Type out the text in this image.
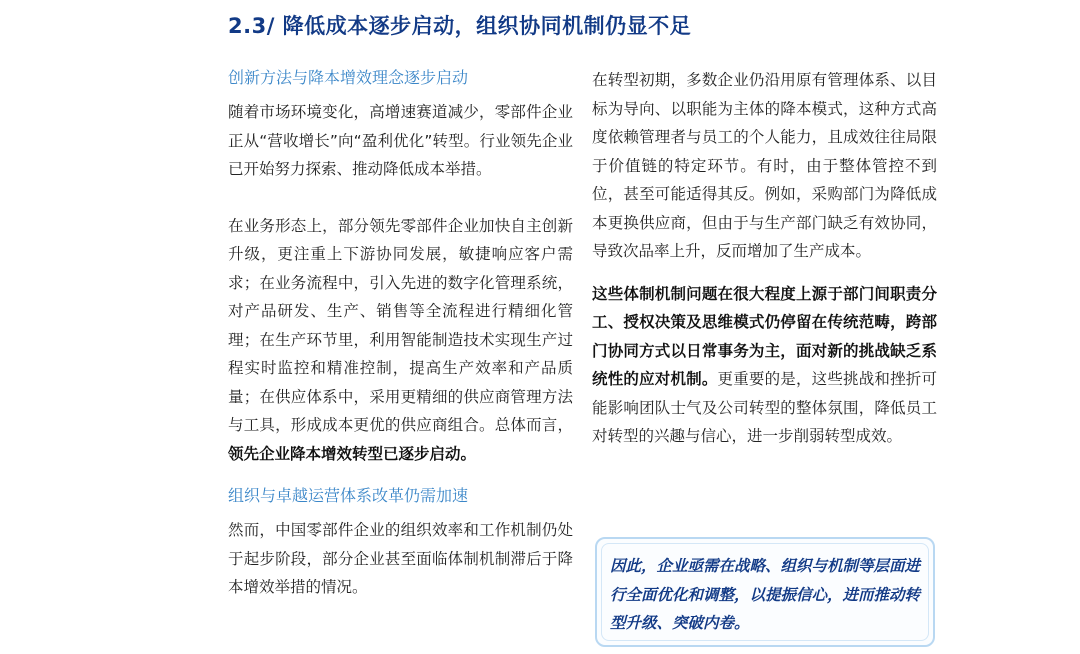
2.3/ 降低成本逐步启动，组织协同机制仍显不足
创新方法与降本增效理念逐步启动

随着市场环境变化，高增速赛道减少，零部件企业正从“营收增长”向“盈利优化”转型。行业领先企业已开始努力探索、推动降低成本举措。

在业务形态上，部分领先零部件企业加快自主创新升级，更注重上下游协同发展，敏捷响应客户需求；在业务流程中，引入先进的数字化管理系统，对产品研发、生产、销售等全流程进行精细化管理；在生产环节里，利用智能制造技术实现生产过程实时监控和精准控制，提高生产效率和产品质量；在供应体系中，采用更精细的供应商管理方法与工具，形成成本更优的供应商组合。总体而言，领先企业降本增效转型已逐步启动。

组织与卓越运营体系改革仍需加速

然而，中国零部件企业的组织效率和工作机制仍处于起步阶段，部分企业甚至面临体制机制滞后于降本增效举措的情况。

在转型初期，多数企业仍沿用原有管理体系、以目标为导向、以职能为主体的降本模式，这种方式高度依赖管理者与员工的个人能力，且成效往往局限于价值链的特定环节。有时，由于整体管控不到位，甚至可能适得其反。例如，采购部门为降低成本更换供应商，但由于与生产部门缺乏有效协同，导致次品率上升，反而增加了生产成本。

这些体制机制问题在很大程度上源于部门间职责分工、授权决策及思维模式仍停留在传统范畴，跨部门协同方式以日常事务为主，面对新的挑战缺乏系统性的应对机制。更重要的是，这些挑战和挫折可能影响团队士气及公司转型的整体氛围，降低员工对转型的兴趣与信心，进一步削弱转型成效。

因此，企业亟需在战略、组织与机制等层面进行全面优化和调整，以提振信心，进而推动转型升级、突破内卷。
